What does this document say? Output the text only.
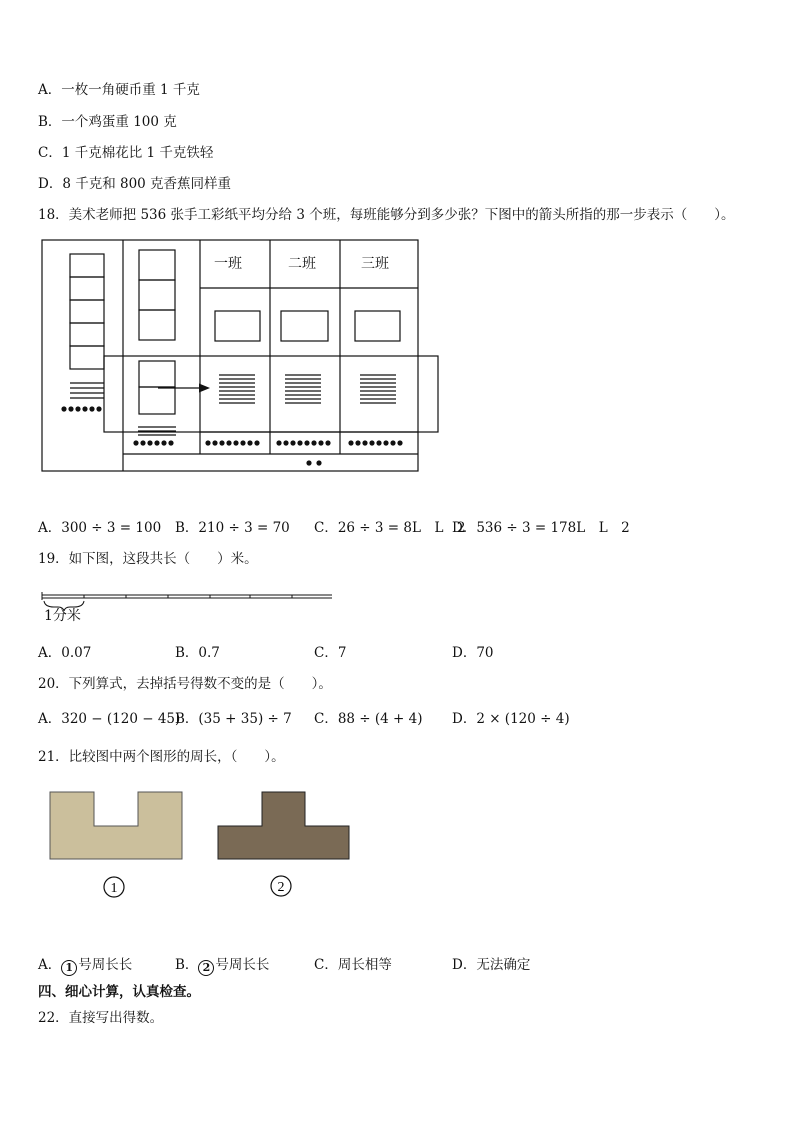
A．一枚一角硬币重 1 千克
B．一个鸡蛋重 100 克
C．1 千克棉花比 1 千克铁轻
D．8 千克和 800 克香蕉同样重
18．美术老师把 536 张手工彩纸平均分给 3 个班，每班能够分到多少张？下图中的箭头所指的那一步表示（　　）。
一班	二班	三班
A．300 ÷ 3 = 100 B．210 ÷ 3 = 70 C．26 ÷ 3 = 8L　L　2
D．536 ÷ 3 = 178L　L　2
19．如下图，这段共长（　　）米。
1分米
A．0.07	B．0.7	C．7	D．70
20．下列算式，去掉括号得数不变的是（　　）。
A．320 − (120 − 45)
B．(35 + 35) ÷ 7 C．88 ÷ (4 + 4) D．2 × (120 ÷ 4)
21．比较图中两个图形的周长，（　　）。
1	2
A． 1 号周长长	B． 2 号周长长	C．周长相等	D．无法确定
四、细心计算，认真检查。
22．直接写出得数。
